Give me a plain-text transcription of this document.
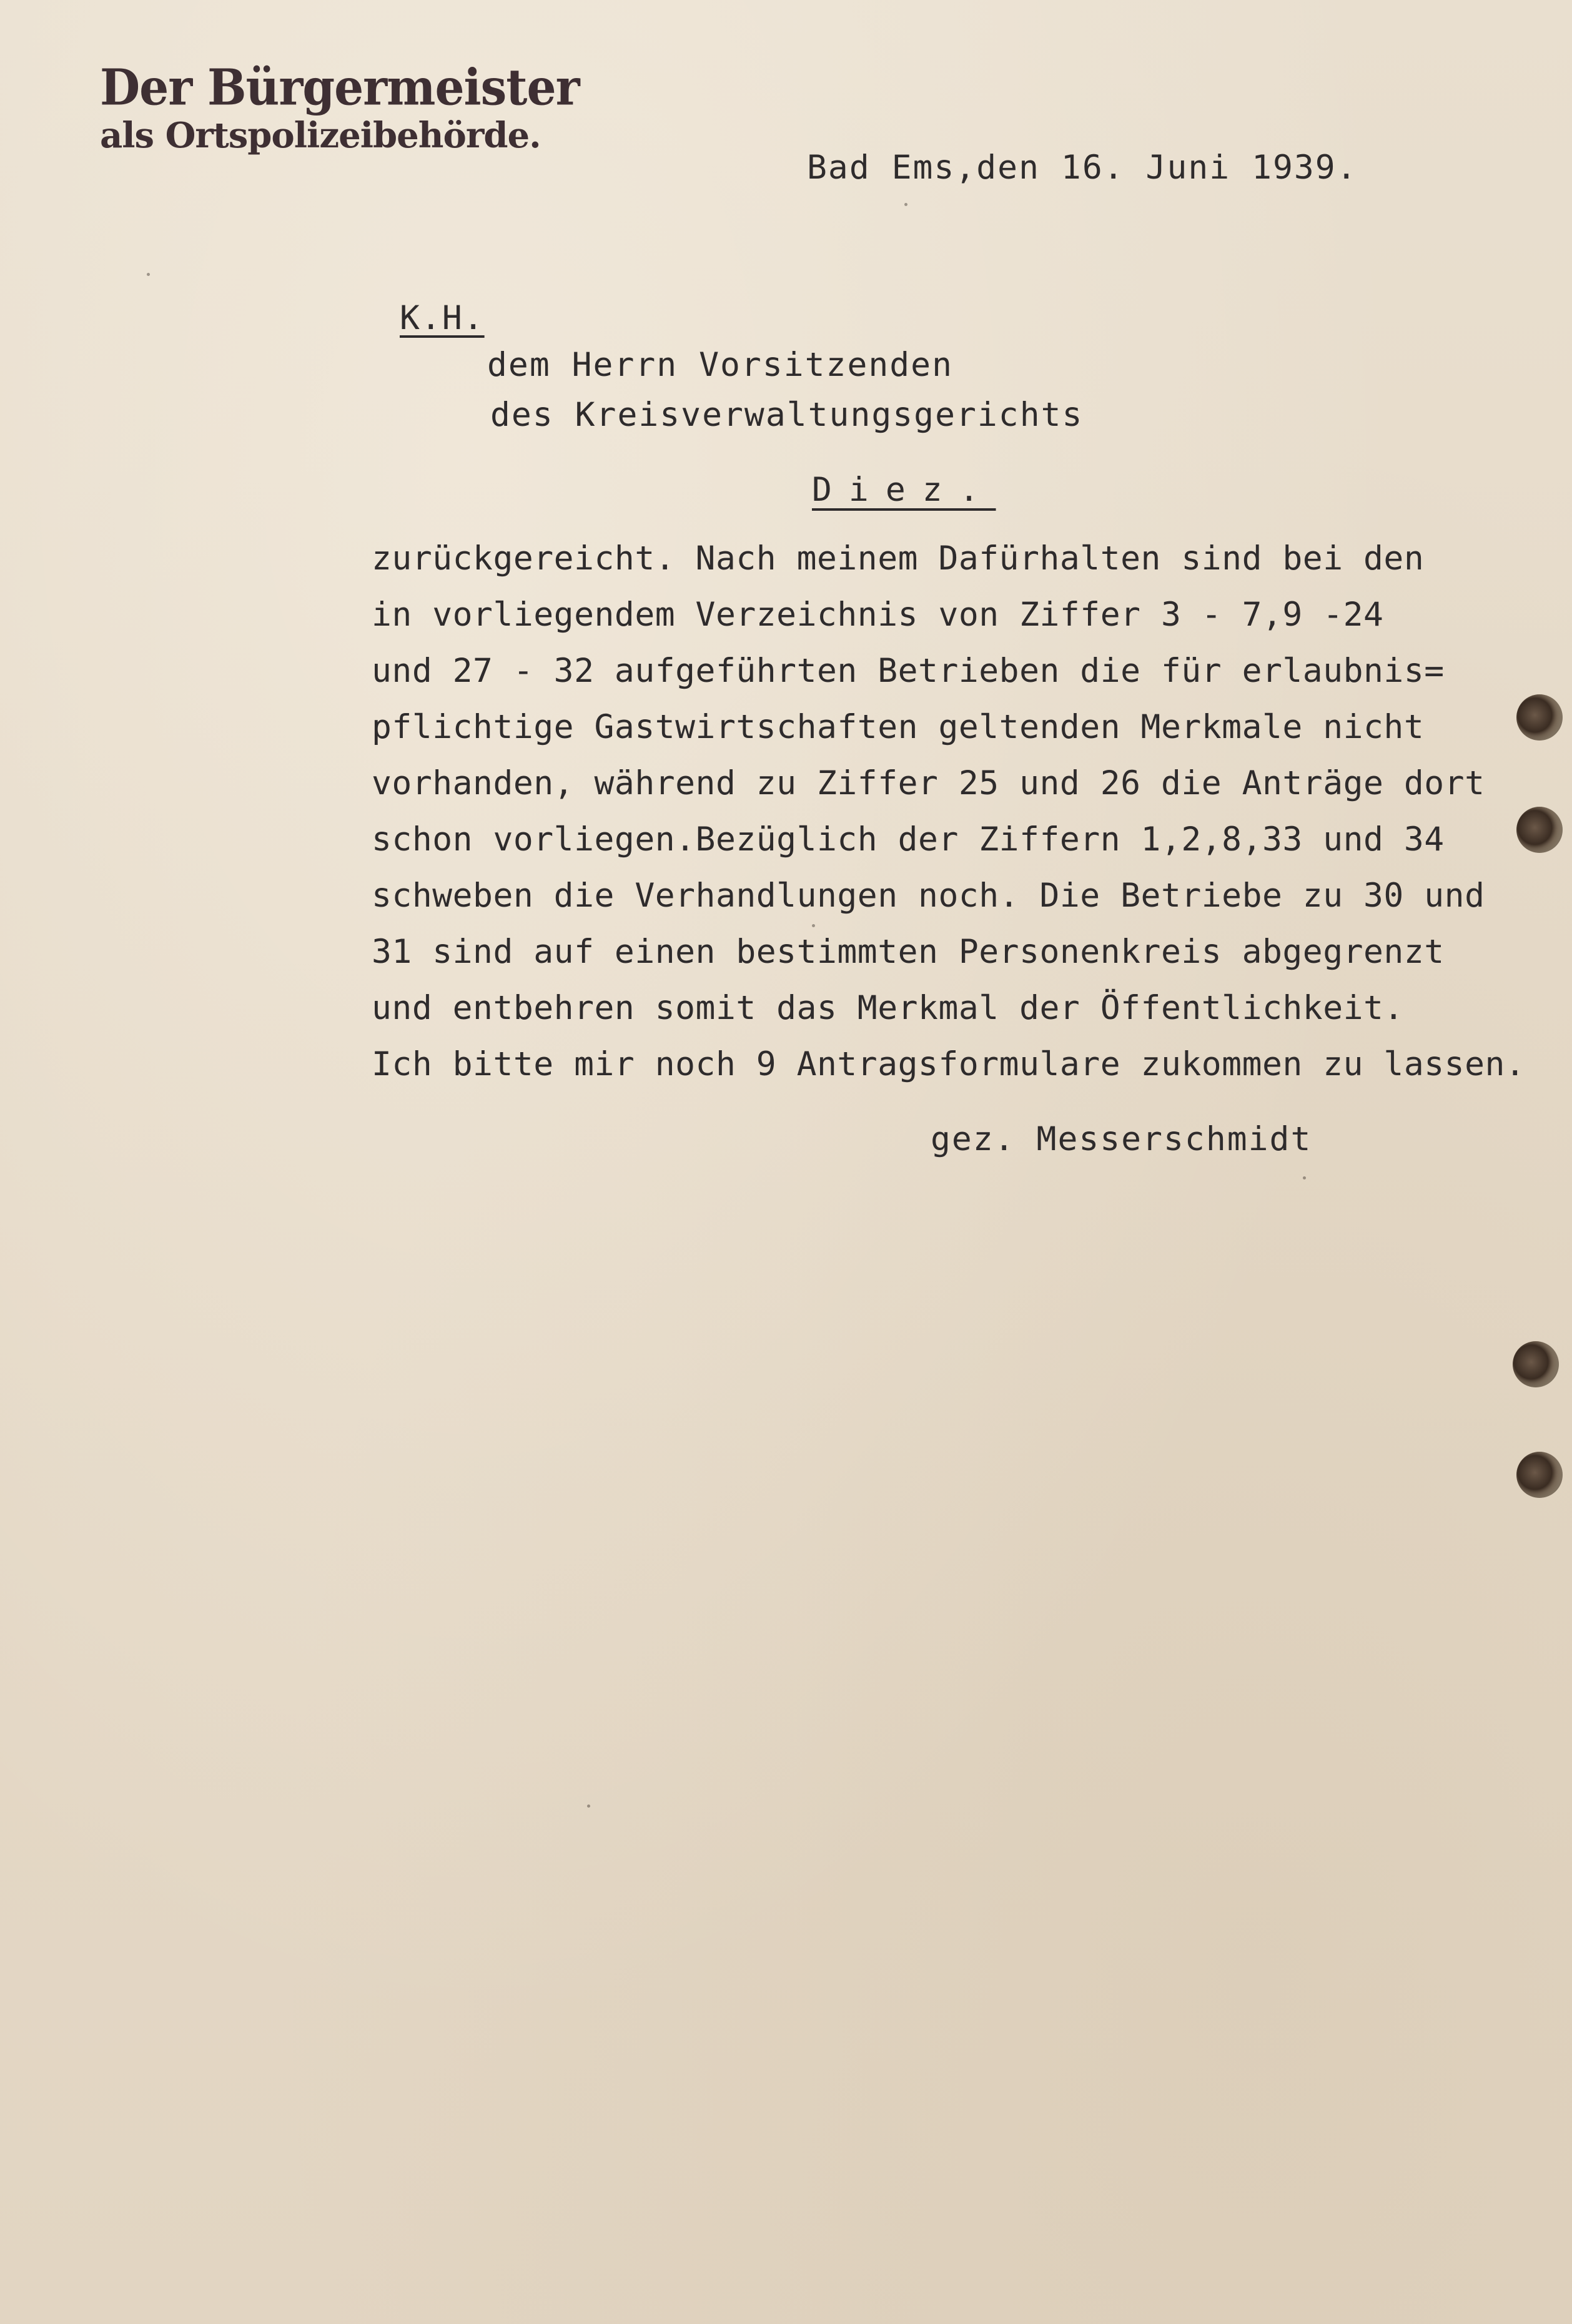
Der Bürgermeister
als Ortspolizeibehörde.
Bad Ems,den 16. Juni 1939.
K.H.
dem Herrn Vorsitzenden
des Kreisverwaltungsgerichts
Diez.
zurückgereicht. Nach meinem Dafürhalten sind bei den
in vorliegendem Verzeichnis von Ziffer 3 - 7,9 -24
und 27 - 32 aufgeführten Betrieben die für erlaubnis=
pflichtige Gastwirtschaften geltenden Merkmale nicht
vorhanden, während zu Ziffer 25 und 26 die Anträge dort
schon vorliegen.Bezüglich der Ziffern 1,2,8,33 und 34
schweben die Verhandlungen noch. Die Betriebe zu 30 und
31 sind auf einen bestimmten Personenkreis abgegrenzt
und entbehren somit das Merkmal der Öffentlichkeit.
Ich bitte mir noch 9 Antragsformulare zukommen zu lassen.
gez. Messerschmidt
